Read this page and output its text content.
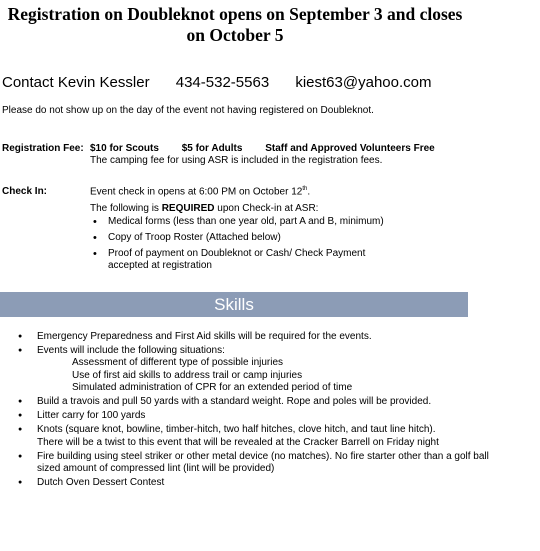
Registration on Doubleknot opens on September 3 and closes on October 5
Contact Kevin Kessler 434-532-5563 kiest63@yahoo.com
Please do not show up on the day of the event not having registered on Doubleknot.
Registration Fee: $10 for Scouts $5 for Adults Staff and Approved Volunteers Free
The camping fee for using ASR is included in the registration fees.
Check In:	Event check in opens at 6:00 PM on October 12th.
The following is REQUIRED upon Check-in at ASR:
• Medical forms (less than one year old, part A and B, minimum)
• Copy of Troop Roster (Attached below)
• Proof of payment on Doubleknot or Cash/ Check Payment accepted at registration
Skills
● Emergency Preparedness and First Aid skills will be required for the events.
● Events will include the following situations:
Assessment of different type of possible injuries
Use of first aid skills to address trail or camp injuries
Simulated administration of CPR for an extended period of time
● Build a travois and pull 50 yards with a standard weight. Rope and poles will be provided.
● Litter carry for 100 yards
● Knots (square knot, bowline, timber-hitch, two half hitches, clove hitch, and taut line hitch). There will be a twist to this event that will be revealed at the Cracker Barrell on Friday night
● Fire building using steel striker or other metal device (no matches). No fire starter other than a golf ball sized amount of compressed lint (lint will be provided)
● Dutch Oven Dessert Contest
